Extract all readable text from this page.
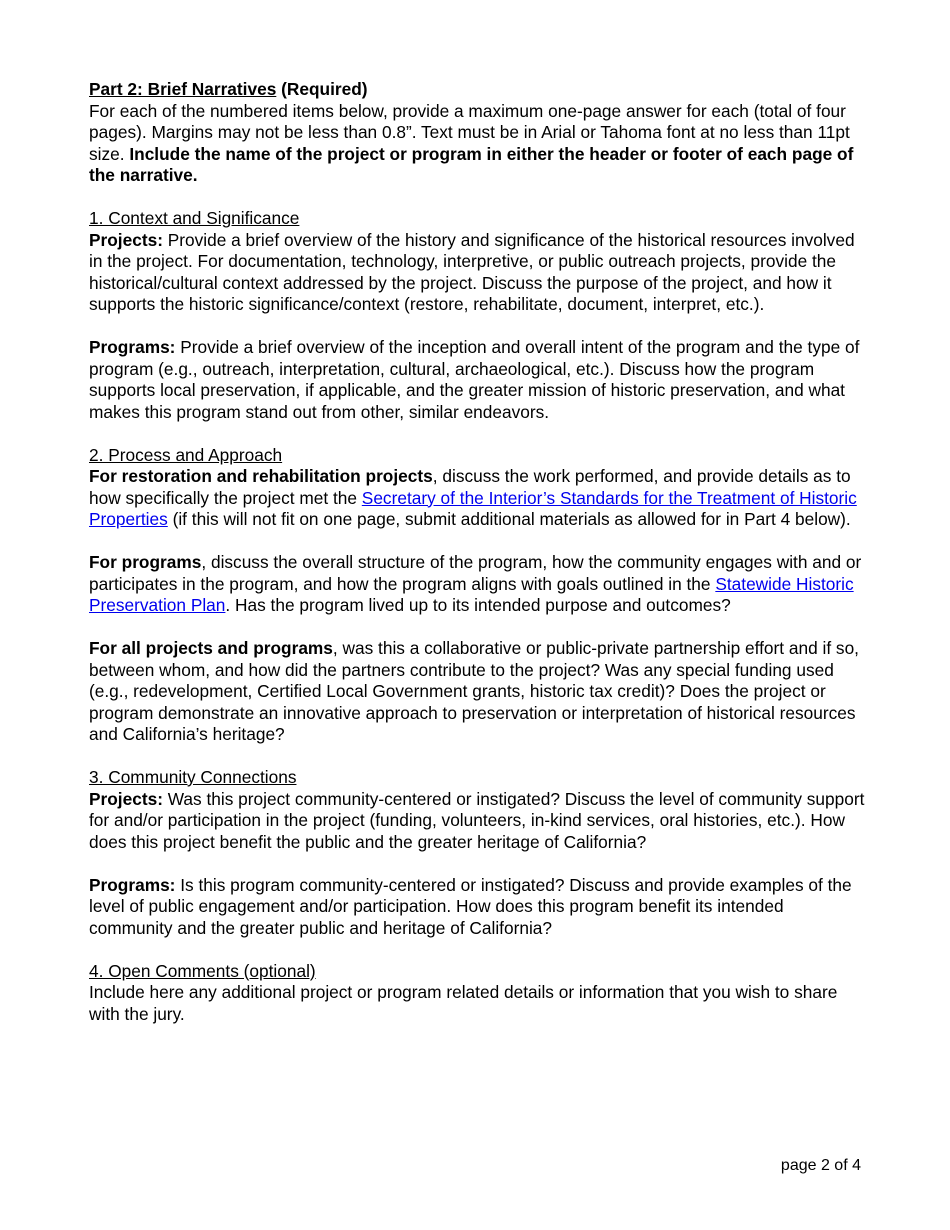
Part 2: Brief Narratives (Required)

For each of the numbered items below, provide a maximum one-page answer for each (total of four pages). Margins may not be less than 0.8”. Text must be in Arial or Tahoma font at no less than 11pt size. Include the name of the project or program in either the header or footer of each page of the narrative.

1. Context and Significance

Projects: Provide a brief overview of the history and significance of the historical resources involved in the project. For documentation, technology, interpretive, or public outreach projects, provide the historical/cultural context addressed by the project. Discuss the purpose of the project, and how it supports the historic significance/context (restore, rehabilitate, document, interpret, etc.).

Programs: Provide a brief overview of the inception and overall intent of the program and the type of program (e.g., outreach, interpretation, cultural, archaeological, etc.). Discuss how the program supports local preservation, if applicable, and the greater mission of historic preservation, and what makes this program stand out from other, similar endeavors.

2. Process and Approach

For restoration and rehabilitation projects, discuss the work performed, and provide details as to how specifically the project met the Secretary of the Interior’s Standards for the Treatment of Historic Properties (if this will not fit on one page, submit additional materials as allowed for in Part 4 below).

For programs, discuss the overall structure of the program, how the community engages with and or participates in the program, and how the program aligns with goals outlined in the Statewide Historic Preservation Plan. Has the program lived up to its intended purpose and outcomes?

For all projects and programs, was this a collaborative or public-private partnership effort and if so, between whom, and how did the partners contribute to the project? Was any special funding used (e.g., redevelopment, Certified Local Government grants, historic tax credit)? Does the project or program demonstrate an innovative approach to preservation or interpretation of historical resources and California’s heritage?

3. Community Connections

Projects: Was this project community-centered or instigated? Discuss the level of community support for and/or participation in the project (funding, volunteers, in-kind services, oral histories, etc.). How does this project benefit the public and the greater heritage of California?

Programs: Is this program community-centered or instigated? Discuss and provide examples of the level of public engagement and/or participation. How does this program benefit its intended community and the greater public and heritage of California?

4. Open Comments (optional)

Include here any additional project or program related details or information that you wish to share with the jury.

page 2 of 4
